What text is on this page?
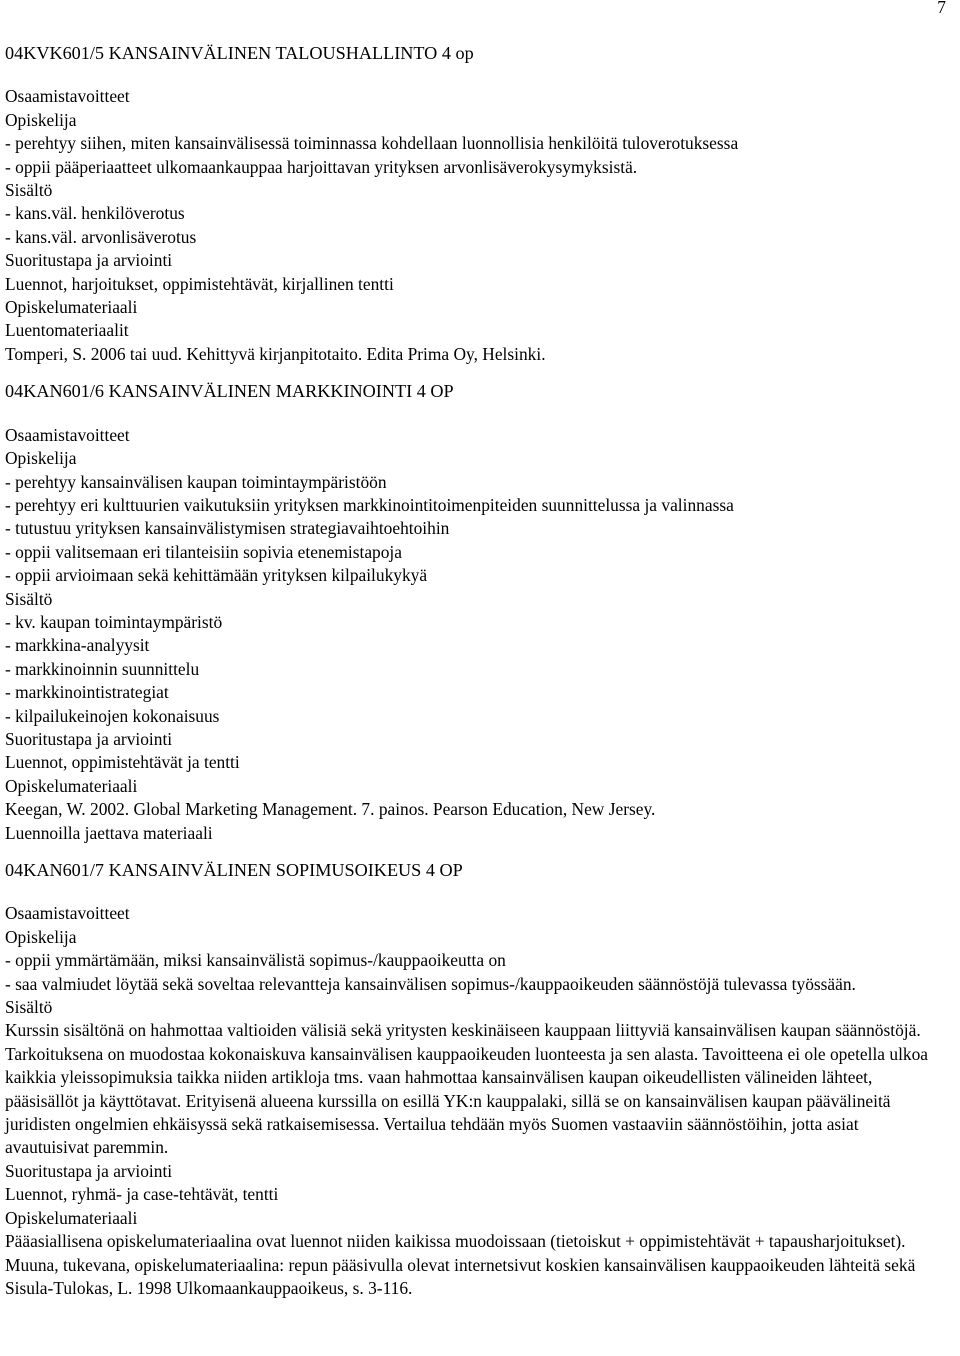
7

04KVK601/5 KANSAINVÄLINEN TALOUSHALLINTO 4 op

Osaamistavoitteet

Opiskelija

- perehtyy siihen, miten kansainvälisessä toiminnassa kohdellaan luonnollisia henkilöitä tuloverotuksessa

- oppii pääperiaatteet ulkomaankauppaa harjoittavan yrityksen arvonlisäverokysymyksistä.

Sisältö

- kans.väl. henkilöverotus

- kans.väl. arvonlisäverotus

Suoritustapa ja arviointi

Luennot, harjoitukset, oppimistehtävät, kirjallinen tentti

Opiskelumateriaali

Luentomateriaalit

Tomperi, S. 2006 tai uud. Kehittyvä kirjanpitotaito. Edita Prima Oy, Helsinki.

04KAN601/6 KANSAINVÄLINEN MARKKINOINTI 4 OP

Osaamistavoitteet

Opiskelija

- perehtyy kansainvälisen kaupan toimintaympäristöön

- perehtyy eri kulttuurien vaikutuksiin yrityksen markkinointitoimenpiteiden suunnittelussa ja valinnassa

- tutustuu yrityksen kansainvälistymisen strategiavaihtoehtoihin

- oppii valitsemaan eri tilanteisiin sopivia etenemistapoja

- oppii arvioimaan sekä kehittämään yrityksen kilpailukykyä

Sisältö

- kv. kaupan toimintaympäristö

- markkina-analyysit

- markkinoinnin suunnittelu

- markkinointistrategiat

- kilpailukeinojen kokonaisuus

Suoritustapa ja arviointi

Luennot, oppimistehtävät ja tentti

Opiskelumateriaali

Keegan, W. 2002. Global Marketing Management. 7. painos. Pearson Education, New Jersey.

Luennoilla jaettava materiaali

04KAN601/7 KANSAINVÄLINEN SOPIMUSOIKEUS 4 OP

Osaamistavoitteet

Opiskelija

- oppii ymmärtämään, miksi kansainvälistä sopimus-/kauppaoikeutta on

- saa valmiudet löytää sekä soveltaa relevantteja kansainvälisen sopimus-/kauppaoikeuden säännöstöjä tulevassa työssään.

Sisältö

Kurssin sisältönä on hahmottaa valtioiden välisiä sekä yritysten keskinäiseen kauppaan liittyviä kansainvälisen kaupan säännöstöjä. Tarkoituksena on muodostaa kokonaiskuva kansainvälisen kauppaoikeuden luonteesta ja sen alasta. Tavoitteena ei ole opetella ulkoa kaikkia yleissopimuksia taikka niiden artikloja tms. vaan hahmottaa kansainvälisen kaupan oikeudellisten välineiden lähteet, pääsisällöt ja käyttötavat. Erityisenä alueena kurssilla on esillä YK:n kauppalaki, sillä se on kansainvälisen kaupan päävälineitä juridisten ongelmien ehkäisyssä sekä ratkaisemisessa. Vertailua tehdään myös Suomen vastaaviin säännöstöihin, jotta asiat avautuisivat paremmin.

Suoritustapa ja arviointi

Luennot, ryhmä- ja case-tehtävät, tentti

Opiskelumateriaali

Pääasiallisena opiskelumateriaalina ovat luennot niiden kaikissa muodoissaan (tietoiskut + oppimistehtävät + tapausharjoitukset). Muuna, tukevana, opiskelumateriaalina: repun pääsivulla olevat internetsivut koskien kansainvälisen kauppaoikeuden lähteitä sekä Sisula-Tulokas, L. 1998 Ulkomaankauppaoikeus, s. 3-116.
